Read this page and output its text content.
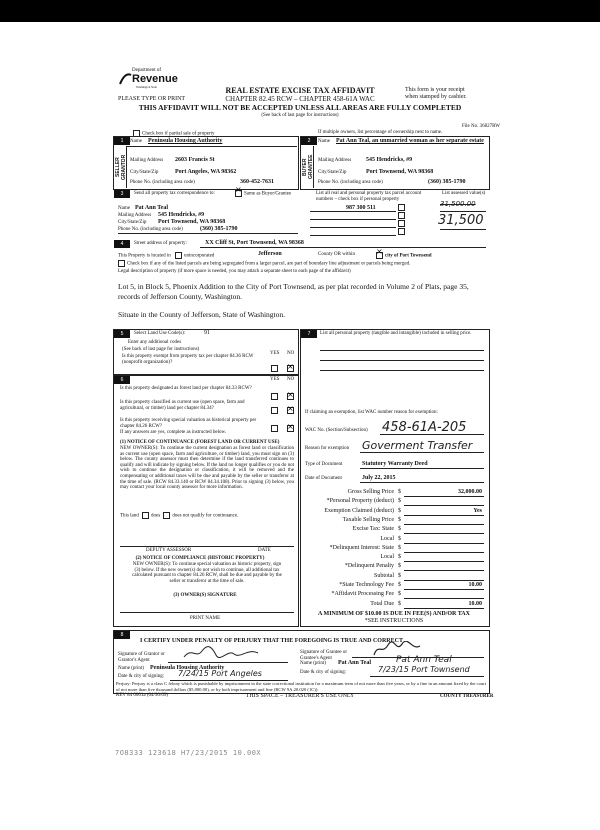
Department of
Revenue
Washington State
PLEASE TYPE OR PRINT
REAL ESTATE EXCISE TAX AFFIDAVIT
CHAPTER 82.45 RCW – CHAPTER 458-61A WAC
THIS AFFIDAVIT WILL NOT BE ACCEPTED UNLESS ALL AREAS ARE FULLY COMPLETED
(See back of last page for instructions)
This form is your receipt
when stamped by cashier.
File No. 36827RW
Check box if partial sale of property	If multiple owners, list percentage of ownership next to name.
1
SELLER GRANTOR
Name Peninsula Housing Authority
Mailing Address 2603 Francis St
City/State/Zip	Port Angeles, WA 98362
Phone No. (including area code)	360-452-7631
2
BUYER GRANTEE
Name Pat Ann Teal, an unmarried woman as her separate estate
Mailing Address 545 Hendricks, #9
City/State/Zip	Port Townsend, WA 98368
Phone No. (including area code)	(360) 385-1790
3	Send all property tax correspondence to: ×	Same as Buyer/Grantee
Name Pat Ann Teal
Mailing Address 545 Hendricks, #9
City/State/Zip Port Townsend, WA 98368
Phone No. (including area code)	(360) 385-1790
List all real and personal property tax parcel account numbers – check box if personal property
List assessed value(s)
987 300 511	31,500.00
31,500
4	Street address of property:	XX Cliff St, Port Townsend, WA 98368
This Property is located in	unincorporated	Jefferson	County OR within ×	city of Port Townsend
Check box if any of the listed parcels are being segregated from a larger parcel, are part of boundary line adjustment or parcels being merged.
Legal description of property (if more space is needed, you may attach a separate sheet to each page of the affidavit)
Lot 5, in Block 5, Phoenix Addition to the City of Port Townsend, as per plat recorded in Volume 2 of Plats, page 35,
records of Jefferson County, Washington.
Situate in the County of Jefferson, State of Washington.
5	Select Land Use Code(s):	91
Enter any additional codes
(See back of last page for instructions)
Is this property exempt from property tax per chapter 84.36 RCW (nonprofit organization)?
YES NO
×
6	YES NO
Is this property designated as forest land per chapter 84.33 RCW?
×
Is this property classified as current use (open space, farm and agricultural, or timber) land per chapter 84.34?
×
Is this property receiving special valuation as historical property per chapter 84.26 RCW?
×
If any answers are yes, complete as instructed below.
(1) NOTICE OF CONTINUANCE (FOREST LAND OR CURRENT USE)
NEW OWNER(S): To continue the current designation as forest land or classification as current use (open space, farm and agriculture, or timber) land, you must sign on (3) below. The county assessor must then determine if the land transferred continues to qualify and will indicate by signing below. If the land no longer qualifies or you do not wish to continue the designation or classification, it will be removed and the compensating or additional taxes will be due and payable by the seller or transferor at the time of sale. (RCW 84.33.140 or RCW 84.34.108). Prior to signing (3) below, you may contact your local county assessor for more information.
This land does does not qualify for continuance.
DEPUTY ASSESSOR	DATE
(2) NOTICE OF COMPLIANCE (HISTORIC PROPERTY)
NEW OWNER(S): To continue special valuation as historic property, sign (3) below. If the new owner(s) do not wish to continue, all additional tax calculated pursuant to chapter 84.26 RCW, shall be due and payable by the seller or transferor at the time of sale.
(3) OWNER(S) SIGNATURE
PRINT NAME
7	List all personal property (tangible and intangible) included in selling price.
If claiming an exemption, list WAC number reason for exemption:
WAC No. (Section/Subsection) 458-61A-205
Reason for exemption Goverment Transfer
Type of Document	Statutory Warranty Deed
Date of Document	July 22, 2015
Gross Selling Price $	32,000.00
*Personal Property (deduct) $
Exemption Claimed (deduct) $	Yes
Taxable Selling Price $
Excise Tax: State $
Local $
*Delinquent Interest: State $
Local $
*Delinquent Penalty $
Subtotal $
*State Technology Fee $	10.00
*Affidavit Processing Fee $
Total Due $	10.00
A MINIMUM OF $10.00 IS DUE IN FEE(S) AND/OR TAX
*SEE INSTRUCTIONS
8
I CERTIFY UNDER PENALTY OF PERJURY THAT THE FOREGOING IS TRUE AND CORRECT
Signature of Grantor or Grantor's Agent
Name (print) Peninsula Housing Authority
Date & city of signing: 7/24/15 Port Angeles
Signature of Grantee or Grantee's Agent
Name (print) Pat Ann Teal	Pat Ann Teal
Date & city of signing:	7/23/15 Port Townsend
Perjury: Perjury is a class C felony which is punishable by imprisonment in the state correctional institution for a maximum term of not more than five years, or by a fine in an amount fixed by the court of not more than five thousand dollars ($5,000.00), or by both imprisonment and fine (RCW 9A.20.020 (1C)).
REV 84 0001a (04/30/09)	THIS SPACE – TREASURER'S USE ONLY	COUNTY TREASURER
7O8333 123618 H7/23/2015 10.00X
